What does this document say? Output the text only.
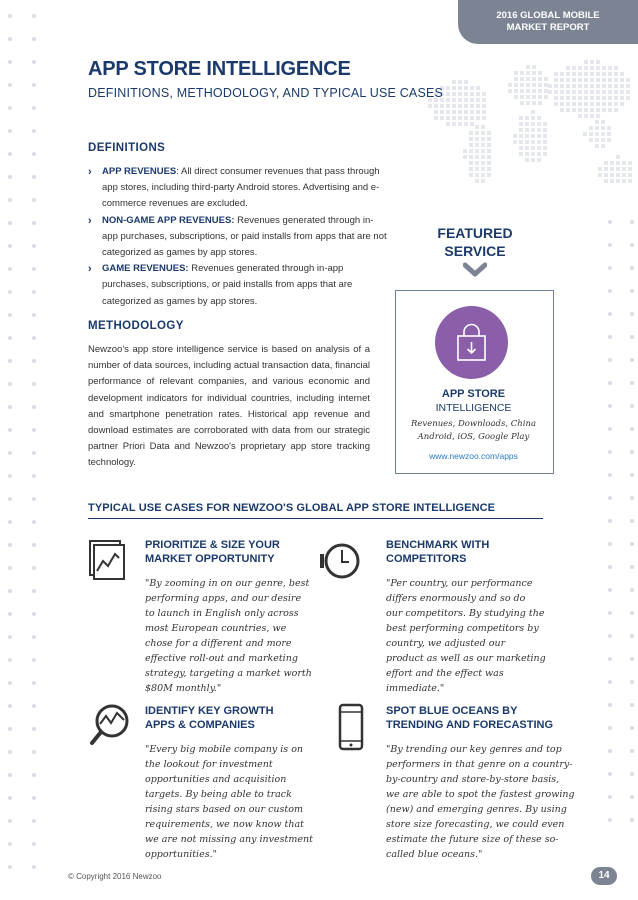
2016 GLOBAL MOBILE
MARKET REPORT
APP STORE INTELLIGENCE
DEFINITIONS, METHODOLOGY, AND TYPICAL USE CASES
DEFINITIONS
› APP REVENUES: All direct consumer revenues that pass through app stores, including third-party Android stores. Advertising and e-commerce revenues are excluded.
› NON-GAME APP REVENUES: Revenues generated through in-app purchases, subscriptions, or paid installs from apps that are not categorized as games by app stores.
› GAME REVENUES: Revenues generated through in-app purchases, subscriptions, or paid installs from apps that are categorized as games by app stores.
METHODOLOGY
Newzoo's app store intelligence service is based on analysis of a number of data sources, including actual transaction data, financial performance of relevant companies, and various economic and development indicators for individual countries, including internet and smartphone penetration rates. Historical app revenue and download estimates are corroborated with data from our strategic partner Priori Data and Newzoo's proprietary app store tracking technology.
FEATURED
SERVICE
APP STORE
INTELLIGENCE
Revenues, Downloads, China
Android, iOS, Google Play
www.newzoo.com/apps
TYPICAL USE CASES FOR NEWZOO'S GLOBAL APP STORE INTELLIGENCE
PRIORITIZE & SIZE YOUR
MARKET OPPORTUNITY
"By zooming in on our genre, best
performing apps, and our desire
to launch in English only across
most European countries, we
chose for a different and more
effective roll-out and marketing
strategy, targeting a market worth
$80M monthly."
BENCHMARK WITH
COMPETITORS
"Per country, our performance
differs enormously and so do
our competitors. By studying the
best performing competitors by
country, we adjusted our
product as well as our marketing
effort and the effect was
immediate."
IDENTIFY KEY GROWTH
APPS & COMPANIES
"Every big mobile company is on
the lookout for investment
opportunities and acquisition
targets. By being able to track
rising stars based on our custom
requirements, we now know that
we are not missing any investment
opportunities."
SPOT BLUE OCEANS BY
TRENDING AND FORECASTING
"By trending our key genres and top
performers in that genre on a country-
by-country and store-by-store basis,
we are able to spot the fastest growing
(new) and emerging genres. By using
store size forecasting, we could even
estimate the future size of these so-
called blue oceans."
© Copyright 2016 Newzoo	14
